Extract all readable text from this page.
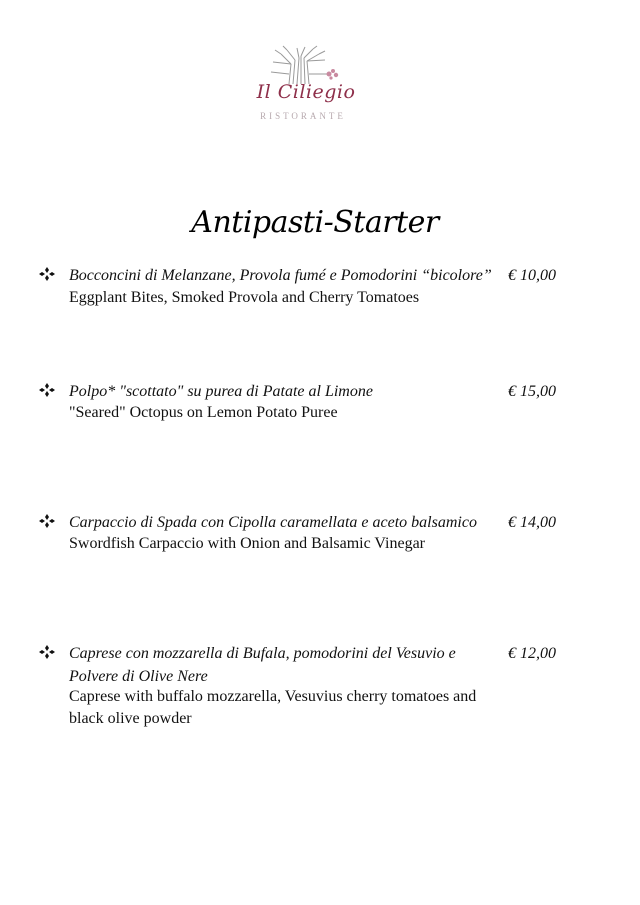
Il Ciliegio
RISTORANTE
Antipasti-Starter
Bocconcini di Melanzane, Provola fumé e Pomodorini “bicolore”	€ 10,00
Eggplant Bites, Smoked Provola and Cherry Tomatoes
Polpo* "scottato" su purea di Patate al Limone	€ 15,00
"Seared" Octopus on Lemon Potato Puree
Carpaccio di Spada con Cipolla caramellata e aceto balsamico	€ 14,00
Swordfish Carpaccio with Onion and Balsamic Vinegar
Caprese con mozzarella di Bufala, pomodorini del Vesuvio e
Polvere di Olive Nere
€ 12,00
Caprese with buffalo mozzarella, Vesuvius cherry tomatoes and
black olive powder
